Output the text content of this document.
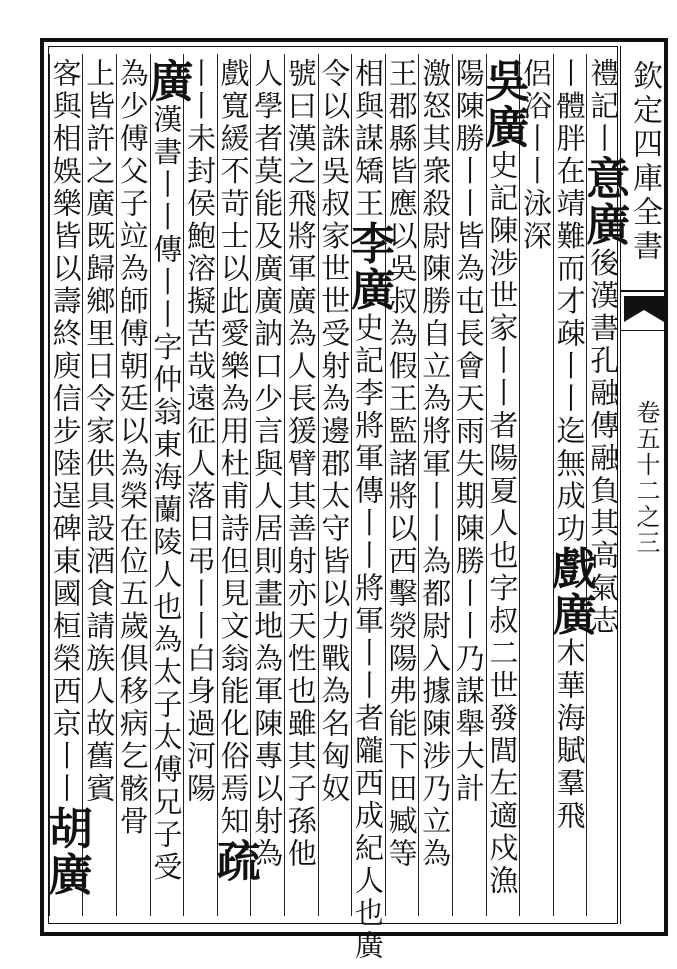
欽定四庫全書
卷五十二之三
禮記丨意廣後漢書孔融傳融負其高氣志
丨體胖在靖難而才疎丨丨迄無成功戲廣木華海賦羣飛
侶浴丨丨泳深
吳廣史記陳涉世家丨丨者陽夏人也字叔二世發閭左適戍漁
陽陳勝丨丨皆為屯長會天雨失期陳勝丨丨乃謀舉大計
激怒其衆殺尉陳勝自立為將軍丨丨為都尉入據陳涉乃立為
王郡縣皆應以吳叔為假王監諸將以西擊滎陽弗能下田臧等
相與謀矯王李廣史記李將軍傳丨丨將軍丨丨者隴西成紀人也廣
令以誅吳叔家世世受射為邊郡太守皆以力戰為名匈奴
號曰漢之飛將軍廣為人長猨臂其善射亦天性也雖其子孫他
人學者莫能及廣廣訥口少言與人居則畫地為軍陳專以射為
戲寬緩不苛士以此愛樂為用杜甫詩但見文翁能化俗焉知疏
丨丨未封侯鮑溶擬苦哉遠征人落日弔丨丨白身過河陽
廣漢書丨丨傳丨丨字仲翁東海蘭陵人也為太子太傅兄子受
為少傅父子竝為師傅朝廷以為榮在位五歲俱移病乞骸骨
上皆許之廣既歸鄉里日令家供具設酒食請族人故舊賓
客與相娛樂皆以壽終庾信步陸逞碑東國桓榮西京丨丨胡廣
